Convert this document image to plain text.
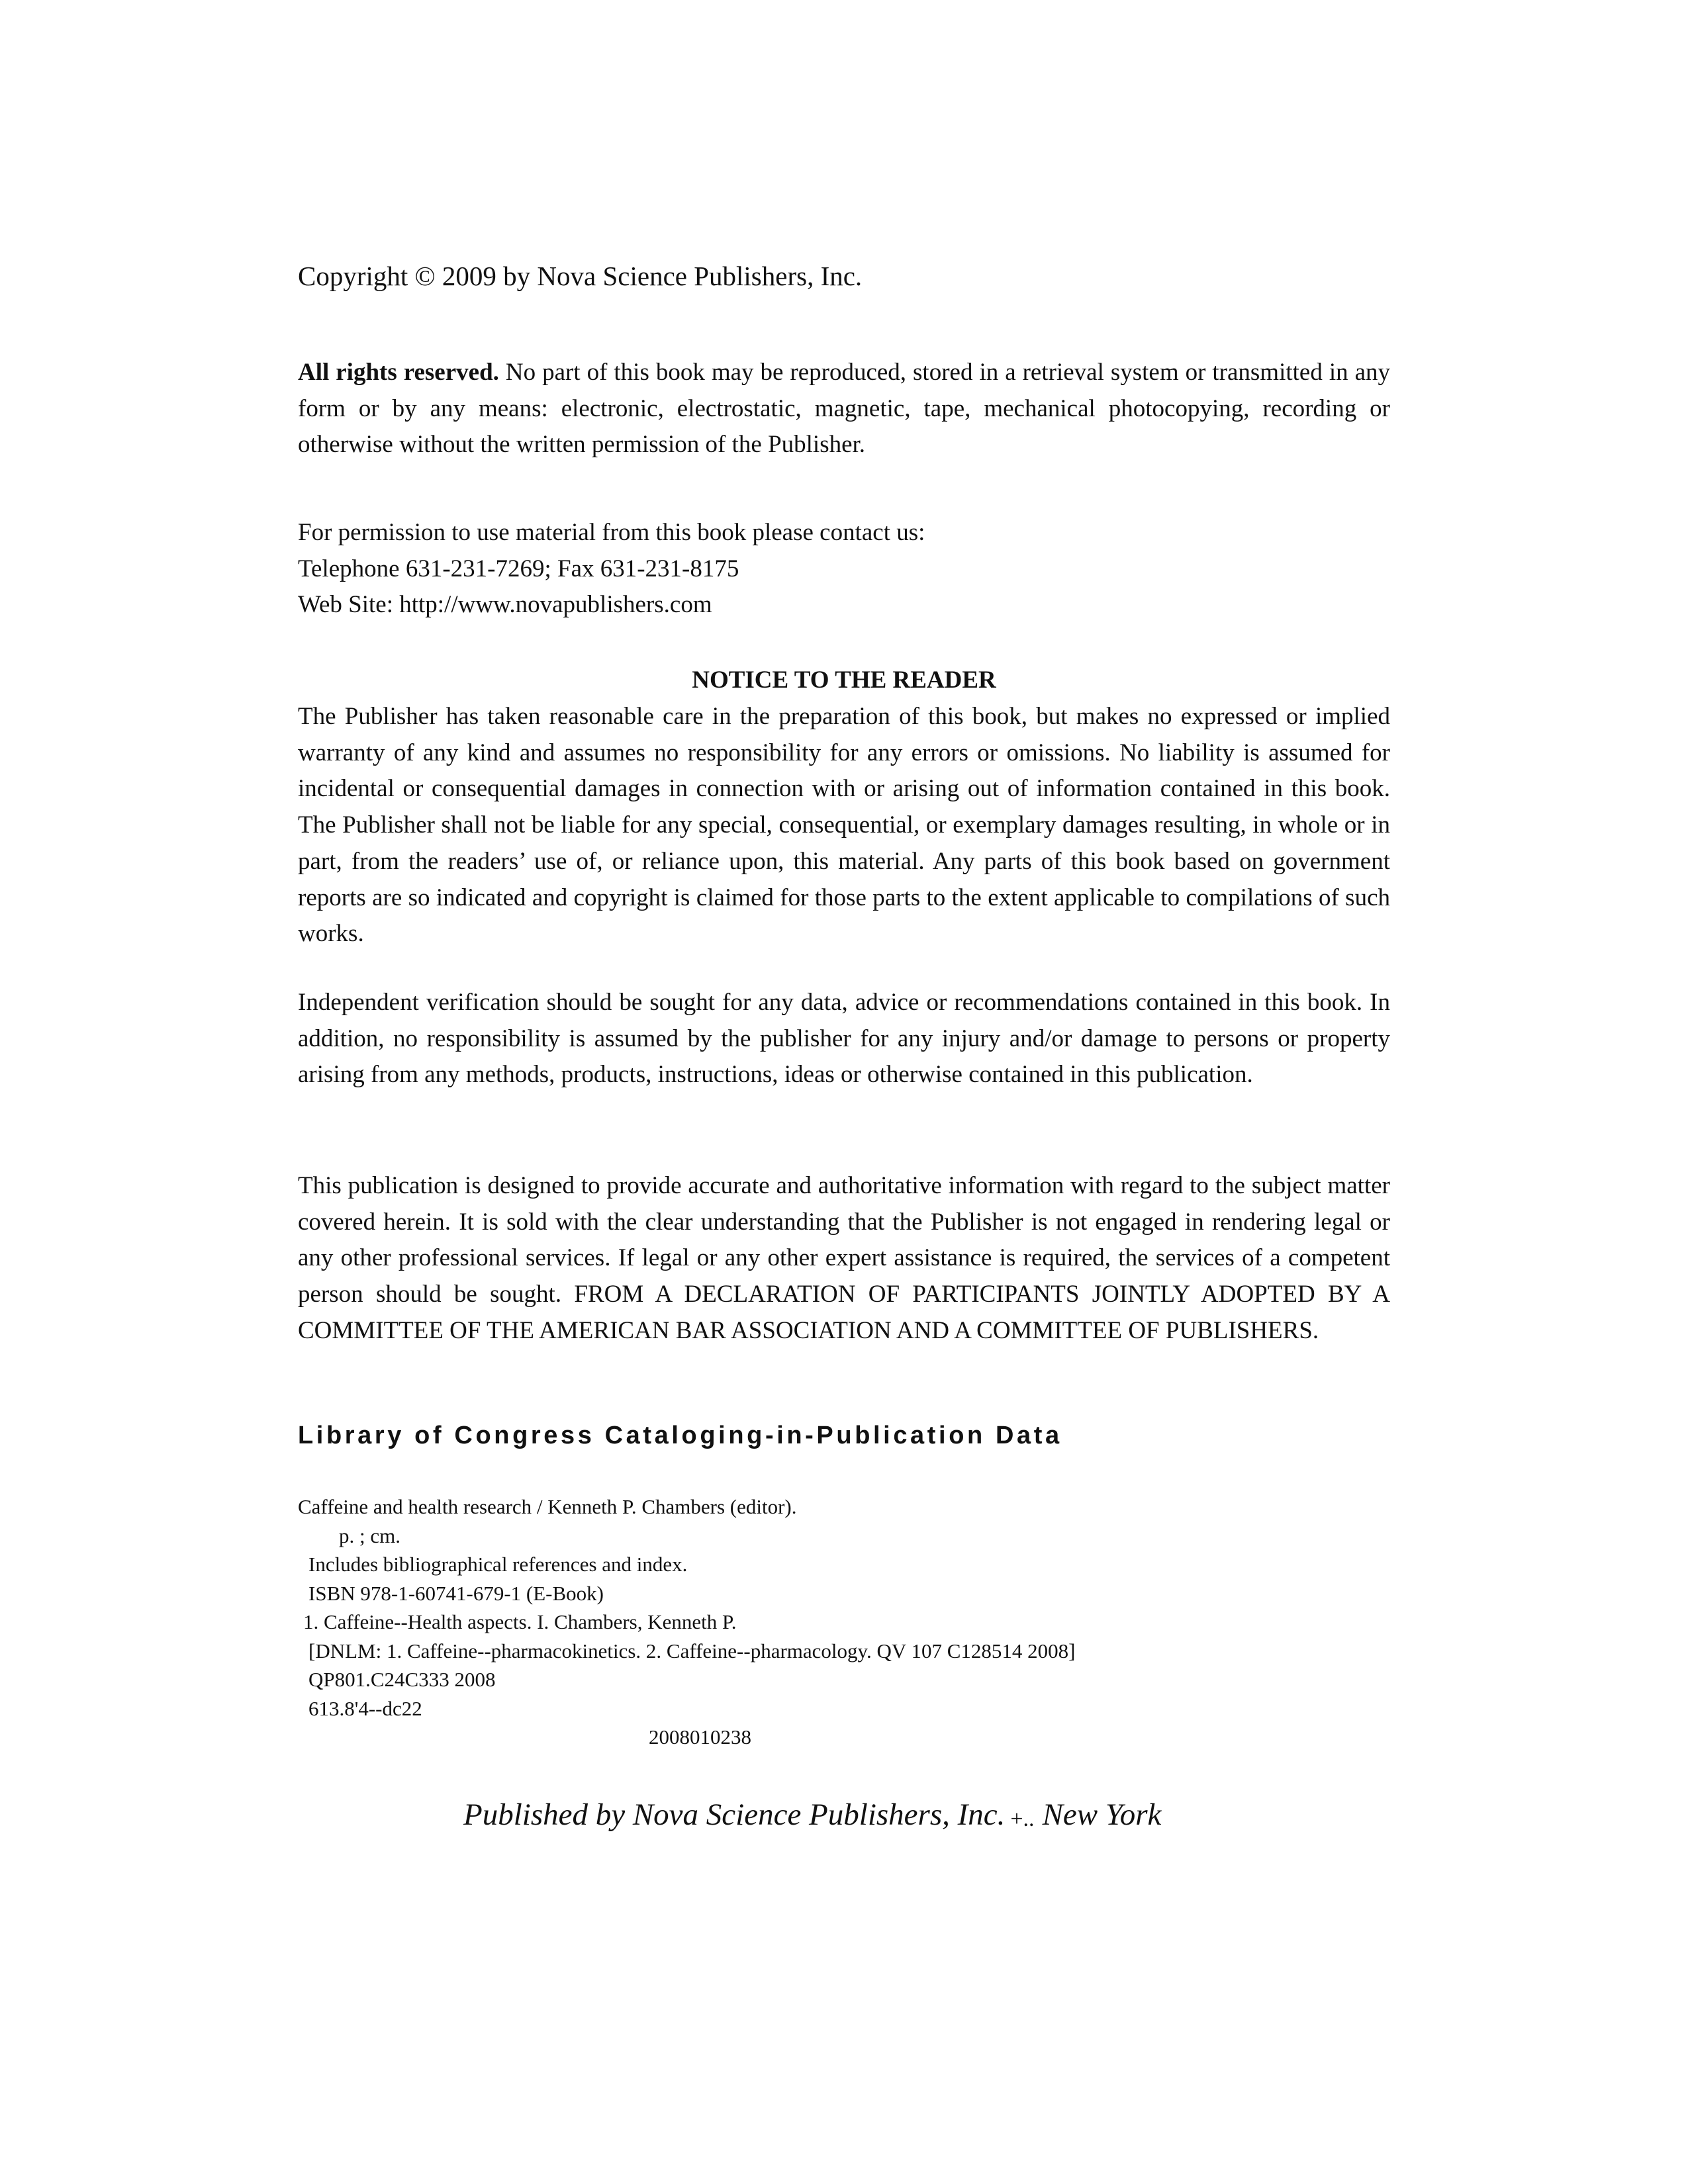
Copyright © 2009 by Nova Science Publishers, Inc.

All rights reserved. No part of this book may be reproduced, stored in a retrieval system or transmitted in any form or by any means: electronic, electrostatic, magnetic, tape, mechanical photocopying, recording or otherwise without the written permission of the Publisher.

For permission to use material from this book please contact us:
Telephone 631-231-7269; Fax 631-231-8175
Web Site: http://www.novapublishers.com
NOTICE TO THE READER

The Publisher has taken reasonable care in the preparation of this book, but makes no expressed or implied warranty of any kind and assumes no responsibility for any errors or omissions. No liability is assumed for incidental or consequential damages in connection with or arising out of information contained in this book. The Publisher shall not be liable for any special, consequential, or exemplary damages resulting, in whole or in part, from the readers’ use of, or reliance upon, this material. Any parts of this book based on government reports are so indicated and copyright is claimed for those parts to the extent applicable to compilations of such works.

Independent verification should be sought for any data, advice or recommendations contained in this book. In addition, no responsibility is assumed by the publisher for any injury and/or damage to persons or property arising from any methods, products, instructions, ideas or otherwise contained in this publication.

This publication is designed to provide accurate and authoritative information with regard to the subject matter covered herein. It is sold with the clear understanding that the Publisher is not engaged in rendering legal or any other professional services. If legal or any other expert assistance is required, the services of a competent person should be sought. FROM A DECLARATION OF PARTICIPANTS JOINTLY ADOPTED BY A COMMITTEE OF THE AMERICAN BAR ASSOCIATION AND A COMMITTEE OF PUBLISHERS.

Library of Congress Cataloging-in-Publication Data
Caffeine and health research / Kenneth P. Chambers (editor).
p. ; cm.
Includes bibliographical references and index.
ISBN 978-1-60741-679-1 (E-Book)
1. Caffeine--Health aspects. I. Chambers, Kenneth P.
[DNLM: 1. Caffeine--pharmacokinetics. 2. Caffeine--pharmacology. QV 107 C128514 2008]
QP801.C24C333 2008
613.8'4--dc22
2008010238
Published by Nova Science Publishers, Inc. +.. New York
